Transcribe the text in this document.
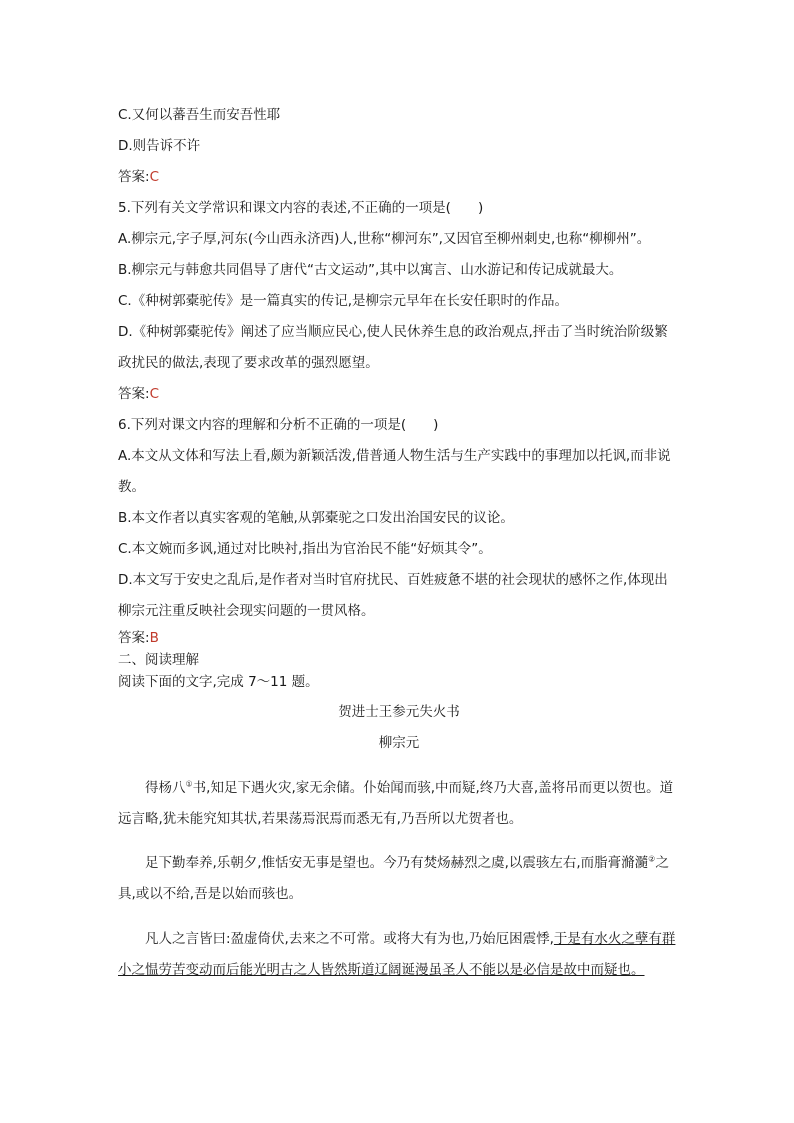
C.又何以蕃吾生而安吾性耶

D.则告诉不许

答案:C

5.下列有关文学常识和课文内容的表述,不正确的一项是(　　)

A.柳宗元,字子厚,河东(今山西永济西)人,世称“柳河东”,又因官至柳州刺史,也称“柳柳州”。

B.柳宗元与韩愈共同倡导了唐代“古文运动”,其中以寓言、山水游记和传记成就最大。

C.《种树郭橐驼传》是一篇真实的传记,是柳宗元早年在长安任职时的作品。

D.《种树郭橐驼传》阐述了应当顺应民心,使人民休养生息的政治观点,抨击了当时统治阶级繁政扰民的做法,表现了要求改革的强烈愿望。

答案:C

6.下列对课文内容的理解和分析不正确的一项是(　　)

A.本文从文体和写法上看,颇为新颖活泼,借普通人物生活与生产实践中的事理加以托讽,而非说教。

B.本文作者以真实客观的笔触,从郭橐驼之口发出治国安民的议论。

C.本文婉而多讽,通过对比映衬,指出为官治民不能“好烦其令”。

D.本文写于安史之乱后,是作者对当时官府扰民、百姓疲惫不堪的社会现状的感怀之作,体现出柳宗元注重反映社会现实问题的一贯风格。

答案:B

二、阅读理解

阅读下面的文字,完成 7～11 题。

贺进士王参元失火书

柳宗元

得杨八①书,知足下遇火灾,家无余储。仆始闻而骇,中而疑,终乃大喜,盖将吊而更以贺也。道远言略,犹未能究知其状,若果荡焉泯焉而悉无有,乃吾所以尤贺者也。

足下勤奉养,乐朝夕,惟恬安无事是望也。今乃有焚炀赫烈之虞,以震骇左右,而脂膏滫瀡②之具,或以不给,吾是以始而骇也。

凡人之言皆曰:盈虚倚伏,去来之不可常。或将大有为也,乃始厄困震悸,于是有水火之孽有群小之愠劳苦变动而后能光明古之人皆然斯道辽阔诞漫虽圣人不能以是必信是故中而疑也。
